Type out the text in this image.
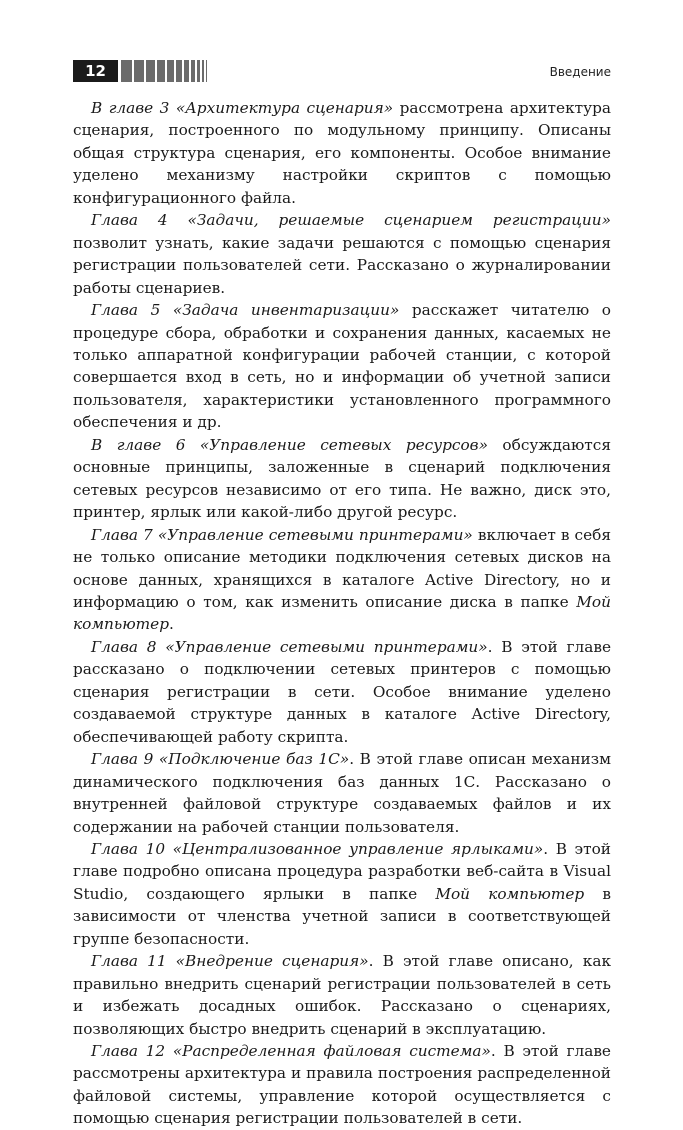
12	Введение

В главе 3 «Архитектура сценария» рассмотрена архитектура сценария, построенного по модульному принципу. Описаны общая структура сценария, его компоненты. Особое внимание уделено механизму настройки скриптов с помощью конфигурационного файла.

Глава 4 «Задачи, решаемые сценарием регистрации» позволит узнать, какие задачи решаются с помощью сценария регистрации пользователей сети. Рассказано о журналировании работы сценариев.

Глава 5 «Задача инвентаризации» расскажет читателю о процедуре сбора, обработки и сохранения данных, касаемых не только аппаратной конфигурации рабочей станции, с которой совершается вход в сеть, но и информации об учетной записи пользователя, характеристики установленного программного обеспечения и др.

В главе 6 «Управление сетевых ресурсов» обсуждаются основные принципы, заложенные в сценарий подключения сетевых ресурсов независимо от его типа. Не важно, диск это, принтер, ярлык или какой-либо другой ресурс.

Глава 7 «Управление сетевыми принтерами» включает в себя не только описание методики подключения сетевых дисков на основе данных, хранящихся в каталоге Active Directory, но и информацию о том, как изменить описание диска в папке Мой компьютер.

Глава 8 «Управление сетевыми принтерами». В этой главе рассказано о подключении сетевых принтеров с помощью сценария регистрации в сети. Особое внимание уделено создаваемой структуре данных в каталоге Active Directory, обеспечивающей работу скрипта.

Глава 9 «Подключение баз 1С». В этой главе описан механизм динамического подключения баз данных 1С. Рассказано о внутренней файловой структуре создаваемых файлов и их содержании на рабочей станции пользователя.

Глава 10 «Централизованное управление ярлыками». В этой главе подробно описана процедура разработки веб-сайта в Visual Studio, создающего ярлыки в папке Мой компьютер в зависимости от членства учетной записи в соответствующей группе безопасности.

Глава 11 «Внедрение сценария». В этой главе описано, как правильно внедрить сценарий регистрации пользователей в сеть и избежать досадных ошибок. Рассказано о сценариях, позволяющих быстро внедрить сценарий в эксплуатацию.

Глава 12 «Распределенная файловая система». В этой главе рассмотрены архитектура и правила построения распределенной файловой системы, управление которой осуществляется с помощью сценария регистрации пользователей в сети.
